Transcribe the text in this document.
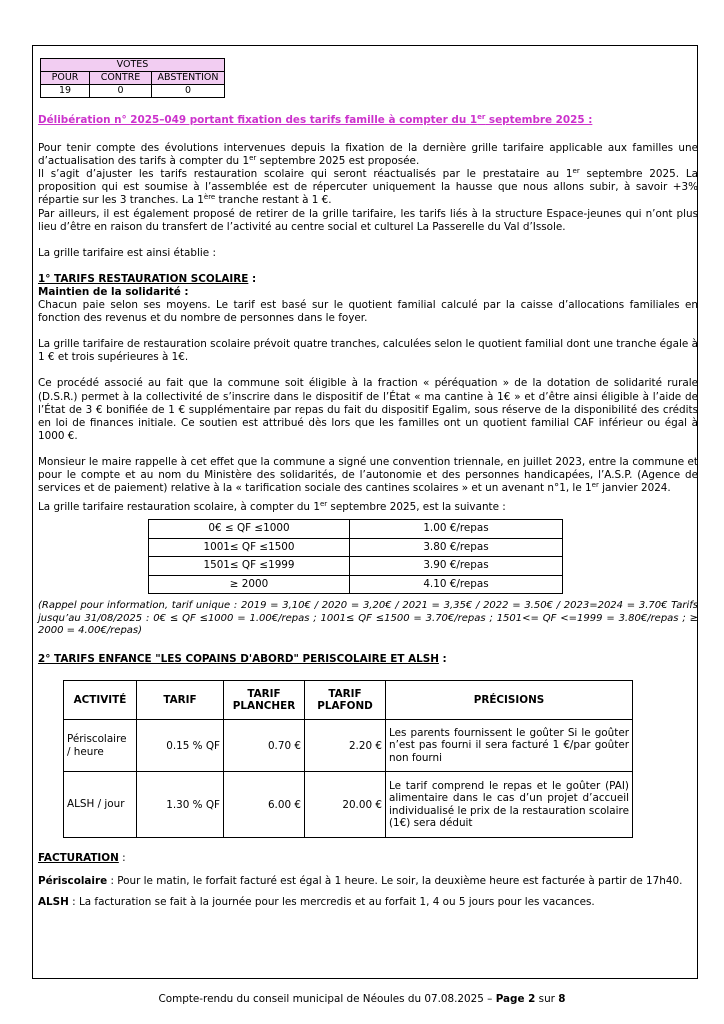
VOTES		
POUR	CONTRE	ABSTENTION
19	0	0

Délibération n° 2025–049 portant fixation des tarifs famille à compter du 1er septembre 2025 :

Pour tenir compte des évolutions intervenues depuis la fixation de la dernière grille tarifaire applicable aux familles une d’actualisation des tarifs à compter du 1er septembre 2025 est proposée.

Il s’agit d’ajuster les tarifs restauration scolaire qui seront réactualisés par le prestataire au 1er septembre 2025. La proposition qui est soumise à l’assemblée est de répercuter uniquement la hausse que nous allons subir, à savoir +3% répartie sur les 3 tranches. La 1ère tranche restant à 1 €.

Par ailleurs, il est également proposé de retirer de la grille tarifaire, les tarifs liés à la structure Espace-jeunes qui n’ont plus lieu d’être en raison du transfert de l’activité au centre social et culturel La Passerelle du Val d’Issole.

La grille tarifaire est ainsi établie :

1° TARIFS RESTAURATION SCOLAIRE :

Maintien de la solidarité :

Chacun paie selon ses moyens. Le tarif est basé sur le quotient familial calculé par la caisse d’allocations familiales en fonction des revenus et du nombre de personnes dans le foyer.

La grille tarifaire de restauration scolaire prévoit quatre tranches, calculées selon le quotient familial dont une tranche égale à 1 € et trois supérieures à 1€.

Ce procédé associé au fait que la commune soit éligible à la fraction « péréquation » de la dotation de solidarité rurale (D.S.R.) permet à la collectivité de s’inscrire dans le dispositif de l’État « ma cantine à 1€ » et d’être ainsi éligible à l’aide de l’État de 3 € bonifiée de 1 € supplémentaire par repas du fait du dispositif Egalim, sous réserve de la disponibilité des crédits en loi de finances initiale. Ce soutien est attribué dès lors que les familles ont un quotient familial CAF inférieur ou égal à 1000 €.

Monsieur le maire rappelle à cet effet que la commune a signé une convention triennale, en juillet 2023, entre la commune et pour le compte et au nom du Ministère des solidarités, de l’autonomie et des personnes handicapées, l’A.S.P. (Agence de services et de paiement) relative à la « tarification sociale des cantines scolaires » et un avenant n°1, le 1er janvier 2024.

La grille tarifaire restauration scolaire, à compter du 1er septembre 2025, est la suivante :

0€ ≤ QF ≤1000	1.00 €/repas
1001≤ QF ≤1500	3.80 €/repas
1501≤ QF ≤1999	3.90 €/repas
≥ 2000	4.10 €/repas

(Rappel pour information, tarif unique : 2019 = 3,10€ / 2020 = 3,20€ / 2021 = 3,35€ / 2022 = 3.50€ / 2023=2024 = 3.70€ Tarifs jusqu’au 31/08/2025 : 0€ ≤ QF ≤1000 = 1.00€/repas ; 1001≤ QF ≤1500 = 3.70€/repas ; 1501<= QF <=1999 = 3.80€/repas ; ≥ 2000 = 4.00€/repas)

2° TARIFS ENFANCE "LES COPAINS D'ABORD" PERISCOLAIRE ET ALSH :

ACTIVITÉ	TARIF	TARIF PLANCHER	TARIF PLAFOND	PRÉCISIONS
Périscolaire / heure	0.15 % QF	0.70 €	2.20 €	Les parents fournissent le goûter Si le goûter n’est pas fourni il sera facturé 1 €/par goûter non fourni
ALSH / jour	1.30 % QF	6.00 €	20.00 €	Le tarif comprend le repas et le goûter (PAI) alimentaire dans le cas d’un projet d’accueil individualisé le prix de la restauration scolaire (1€) sera déduit

FACTURATION :

Périscolaire : Pour le matin, le forfait facturé est égal à 1 heure. Le soir, la deuxième heure est facturée à partir de 17h40.

ALSH : La facturation se fait à la journée pour les mercredis et au forfait 1, 4 ou 5 jours pour les vacances.

Compte-rendu du conseil municipal de Néoules du 07.08.2025 – Page 2 sur 8
